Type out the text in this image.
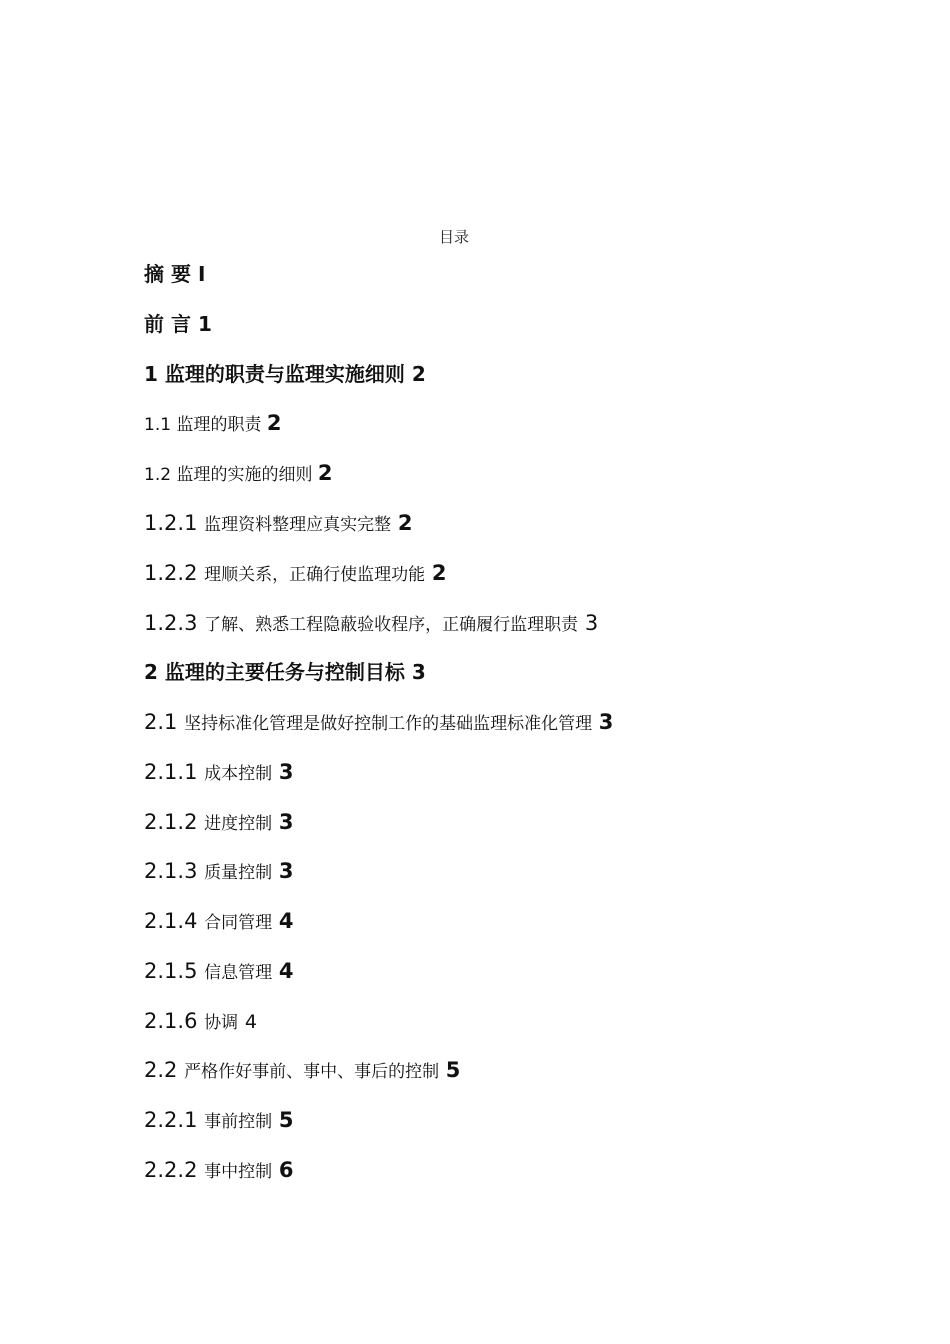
目录
摘 要 I
前 言 1
1 监理的职责与监理实施细则 2
1.1 监理的职责 2
1.2 监理的实施的细则 2
1.2.1 监理资料整理应真实完整 2
1.2.2 理顺关系，正确行使监理功能 2
1.2.3 了解、熟悉工程隐蔽验收程序，正确履行监理职责 3
2 监理的主要任务与控制目标 3
2.1 坚持标准化管理是做好控制工作的基础监理标准化管理 3
2.1.1 成本控制 3
2.1.2 进度控制 3
2.1.3 质量控制 3
2.1.4 合同管理 4
2.1.5 信息管理 4
2.1.6 协调 4
2.2 严格作好事前、事中、事后的控制 5
2.2.1 事前控制 5
2.2.2 事中控制 6
